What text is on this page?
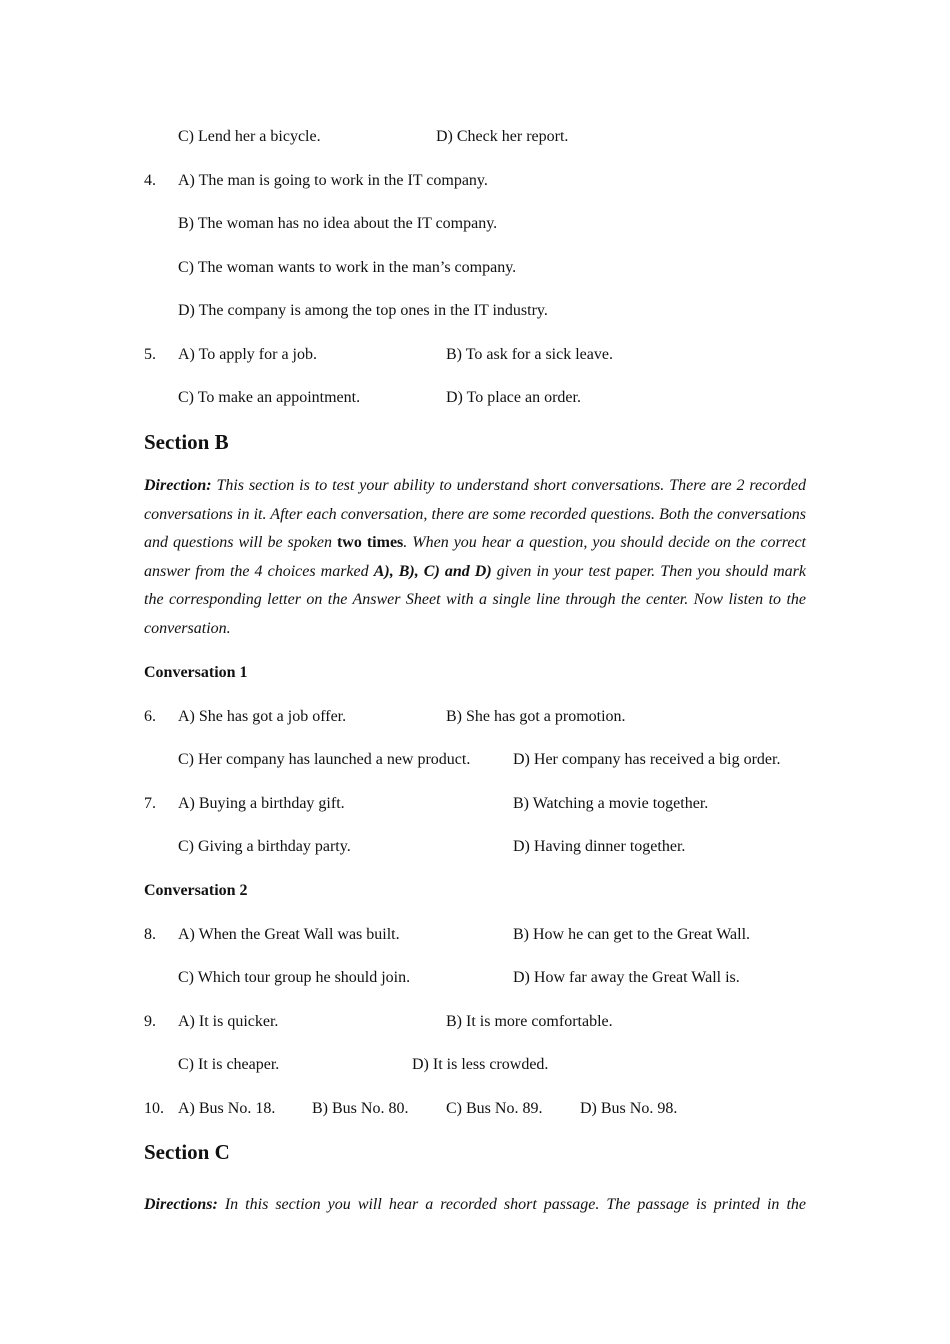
C) Lend her a bicycle.	D) Check her report.
4. A) The man is going to work in the IT company.
B) The woman has no idea about the IT company.
C) The woman wants to work in the man’s company.
D) The company is among the top ones in the IT industry.
5. A) To apply for a job.	B) To ask for a sick leave.
C) To make an appointment.	D) To place an order.
Section B
Direction: This section is to test your ability to understand short conversations. There are 2 recorded conversations in it. After each conversation, there are some recorded questions. Both the conversations and questions will be spoken two times. When you hear a question, you should decide on the correct answer from the 4 choices marked A), B), C) and D) given in your test paper. Then you should mark the corresponding letter on the Answer Sheet with a single line through the center. Now listen to the conversation.
Conversation 1
6. A) She has got a job offer.	B) She has got a promotion.
C) Her company has launched a new product.	D) Her company has received a big order.
7. A) Buying a birthday gift.	B) Watching a movie together.
C) Giving a birthday party.	D) Having dinner together.
Conversation 2
8. A) When the Great Wall was built.	B) How he can get to the Great Wall.
C) Which tour group he should join.	D) How far away the Great Wall is.
9. A) It is quicker.	B) It is more comfortable.
C) It is cheaper.	D) It is less crowded.
10. A) Bus No. 18. B) Bus No. 80. C) Bus No. 89. D) Bus No. 98.
Section C
Directions: In this section you will hear a recorded short passage. The passage is printed in the
